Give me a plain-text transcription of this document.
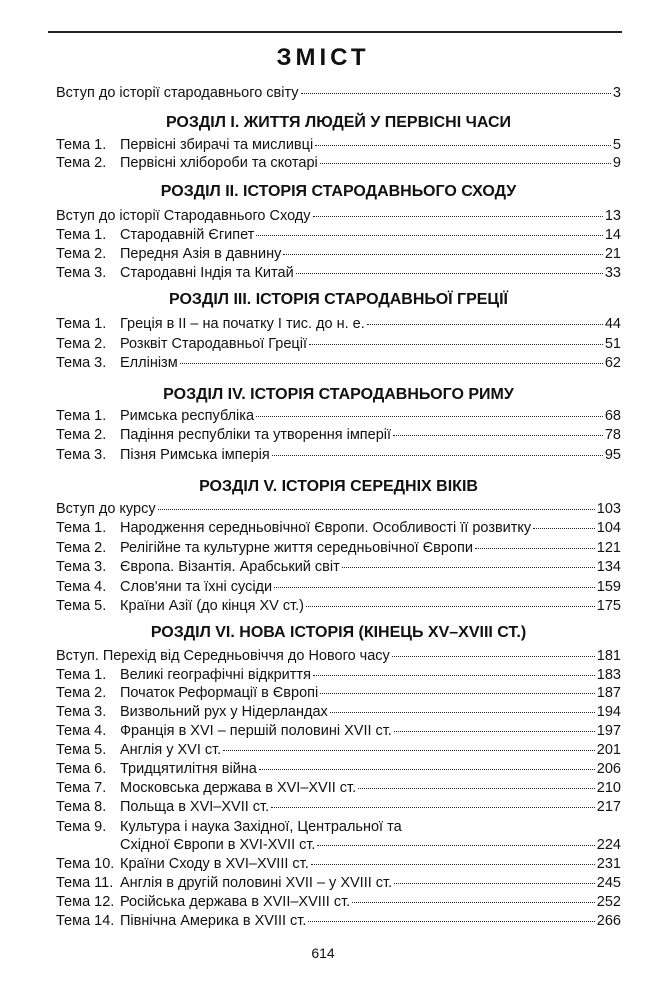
ЗМІСТ
Вступ до історії стародавнього світу	3
Тема 1. Первісні збирачі та мисливці	5
Тема 2. Первісні хлібороби та скотарі	9
Вступ до історії Стародавнього Сходу	13
Тема 1. Стародавній Єгипет	14
Тема 2. Передня Азія в давнину	21
Тема 3. Стародавні Індія та Китай	33
Тема 1. Греція в ІІ – на початку І тис. до н. е.	44
Тема 2. Розквіт Стародавньої Греції	51
Тема 3. Еллінізм	62
Тема 1. Римська республіка	68
Тема 2. Падіння республіки та утворення імперії	78
Тема 3. Пізня Римська імперія	95
Вступ до курсу	103
Тема 1. Народження середньовічної Європи. Особливості її розвитку	104
Тема 2. Релігійне та культурне життя середньовічної Європи	121
Тема 3. Європа. Візантія. Арабський світ	134
Тема 4. Слов'яни та їхні сусіди	159
Тема 5. Країни Азії (до кінця XV ст.)	175
Вступ. Перехід від Середньовіччя до Нового часу	181
Тема 1. Великі географічні відкриття	183
Тема 2. Початок Реформації в Європі	187
Тема 3. Визвольний рух у Нідерландах	194
Тема 4. Франція в XVI – першій половині XVII ст.	197
Тема 5. Англія у XVI ст.	201
Тема 6. Тридцятилітня війна	206
Тема 7. Московська держава в XVI–XVII ст.	210
Тема 8. Польща в XVI–XVII ст.	217
Тема 9. Культура і наука Західної, Центральної та
Східної Європи в XVI-XVII ст.	224
Тема 10. Країни Сходу в XVI–XVIII ст.	231
Тема 11. Англія в другій половині XVII – у XVIII ст.	245
Тема 12. Російська держава в XVII–XVIII ст.	252
Тема 14. Північна Америка в XVIII ст.	266
614
РОЗДІЛ І. ЖИТТЯ ЛЮДЕЙ У ПЕРВІСНІ ЧАСИ
РОЗДІЛ ІІ. ІСТОРІЯ СТАРОДАВНЬОГО СХОДУ
РОЗДІЛ ІІІ. ІСТОРІЯ СТАРОДАВНЬОЇ ГРЕЦІЇ
РОЗДІЛ IV. ІСТОРІЯ СТАРОДАВНЬОГО РИМУ
РОЗДІЛ V. ІСТОРІЯ СЕРЕДНІХ ВІКІВ
РОЗДІЛ VI. НОВА ІСТОРІЯ (КІНЕЦЬ XV–XVIII СТ.)
